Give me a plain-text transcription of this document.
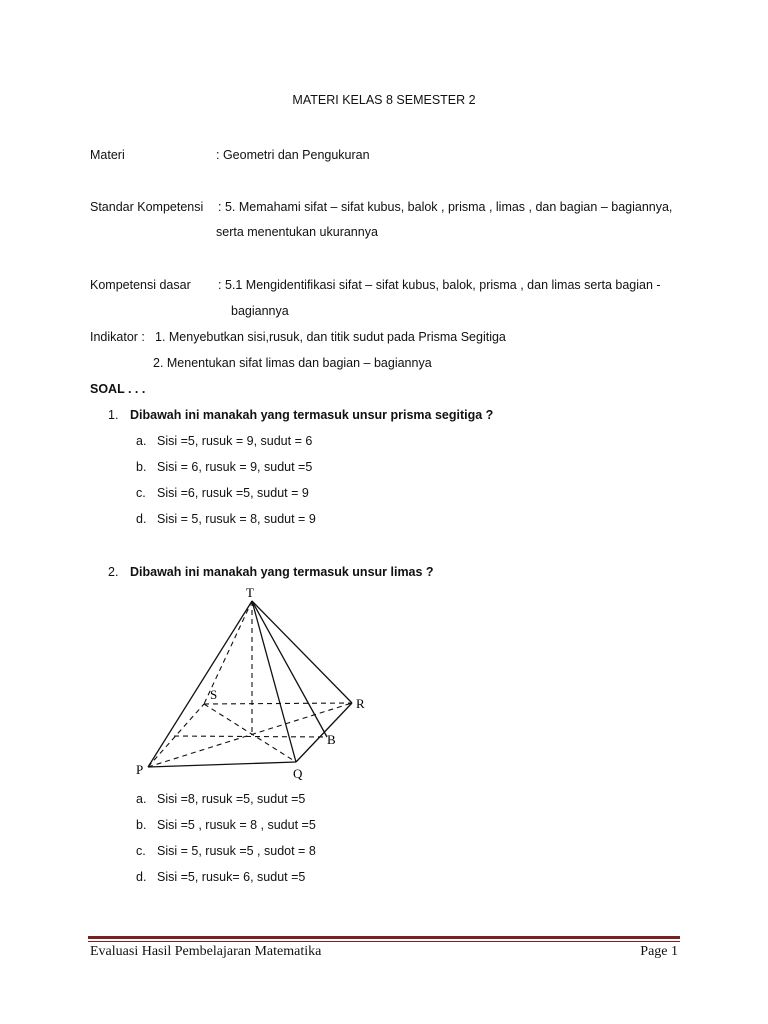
MATERI KELAS 8 SEMESTER 2
Materi	: Geometri dan Pengukuran
Standar Kompetensi : 5. Memahami sifat – sifat kubus, balok , prisma , limas , dan bagian – bagiannya,
serta menentukan ukurannya
Kompetensi dasar : 5.1 Mengidentifikasi sifat – sifat kubus, balok, prisma , dan limas serta bagian -
bagiannya
Indikator : 1. Menyebutkan sisi,rusuk, dan titik sudut pada Prisma Segitiga
2. Menentukan sifat limas dan bagian – bagiannya
SOAL . . .
1. Dibawah ini manakah yang termasuk unsur prisma segitiga ?
a. Sisi =5, rusuk = 9, sudut = 6
b. Sisi = 6, rusuk = 9, sudut =5
c. Sisi =6, rusuk =5, sudut = 9
d. Sisi = 5, rusuk = 8, sudut = 9
2. Dibawah ini manakah yang termasuk unsur limas ?
T
S
R
B
P	Q
a. Sisi =8, rusuk =5, sudut =5
b. Sisi =5 , rusuk = 8 , sudut =5
c. Sisi = 5, rusuk =5 , sudot = 8
d. Sisi =5, rusuk= 6, sudut =5
Evaluasi Hasil Pembelajaran Matematika	Page 1
